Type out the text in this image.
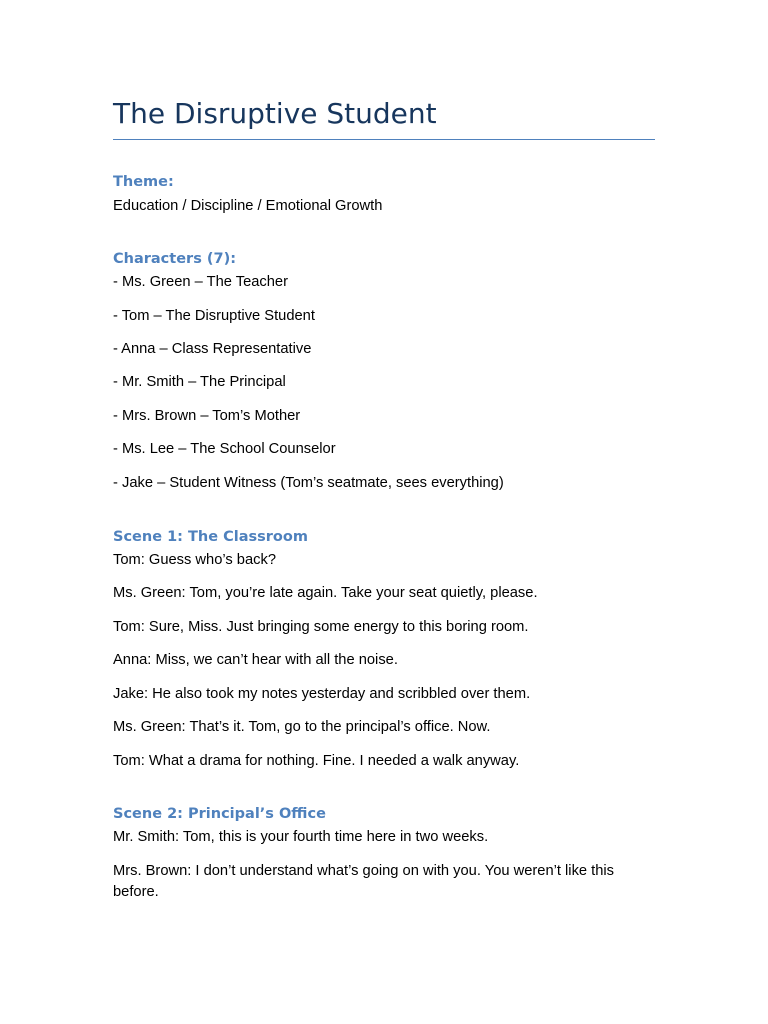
The Disruptive Student
Theme:
Education / Discipline / Emotional Growth
Characters (7):
- Ms. Green – The Teacher
- Tom – The Disruptive Student
- Anna – Class Representative
- Mr. Smith – The Principal
- Mrs. Brown – Tom’s Mother
- Ms. Lee – The School Counselor
- Jake – Student Witness (Tom’s seatmate, sees everything)
Scene 1: The Classroom
Tom: Guess who’s back?
Ms. Green: Tom, you’re late again. Take your seat quietly, please.
Tom: Sure, Miss. Just bringing some energy to this boring room.
Anna: Miss, we can’t hear with all the noise.
Jake: He also took my notes yesterday and scribbled over them.
Ms. Green: That’s it. Tom, go to the principal’s office. Now.
Tom: What a drama for nothing. Fine. I needed a walk anyway.
Scene 2: Principal’s Office
Mr. Smith: Tom, this is your fourth time here in two weeks.
Mrs. Brown: I don’t understand what’s going on with you. You weren’t like this before.
